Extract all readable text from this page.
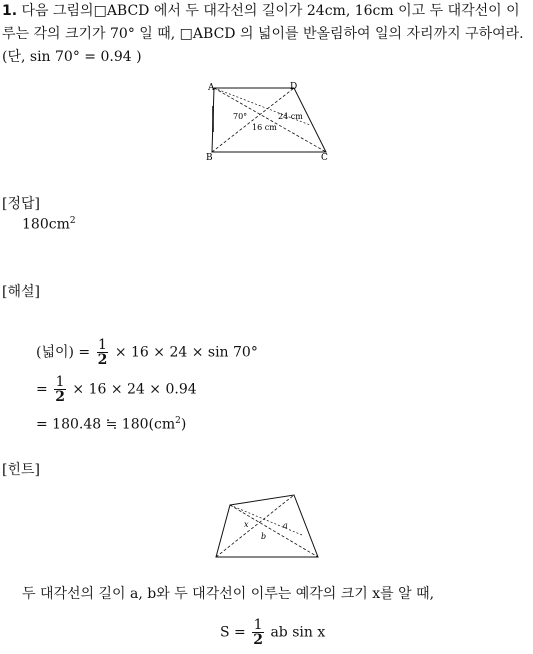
1. 다음 그림의□ABCD 에서 두 대각선의 길이가 24cm, 16cm 이고 두 대각선이 이루는 각의 크기가 70° 일 때, □ABCD 의 넓이를 반올림하여 일의 자리까지 구하여라. (단, sin 70° = 0.94 )
A	D
B	C
70°	24 cm
16 cm
[정답]
$180cm^2$
[해설]
(넓이) = $\frac{1}{2} \times 16 \times 24 \times \sin 70^\circ$
= $\frac{1}{2} \times 16 \times 24 \times 0.94$
= 180.48 ≒ $180(cm^2)$
[힌트]
x	a
b
두 대각선의 길이 a, b와 두 대각선이 이루는 예각의 크기 x를 알 때,
$S = \frac{1}{2}$ ab sin x
